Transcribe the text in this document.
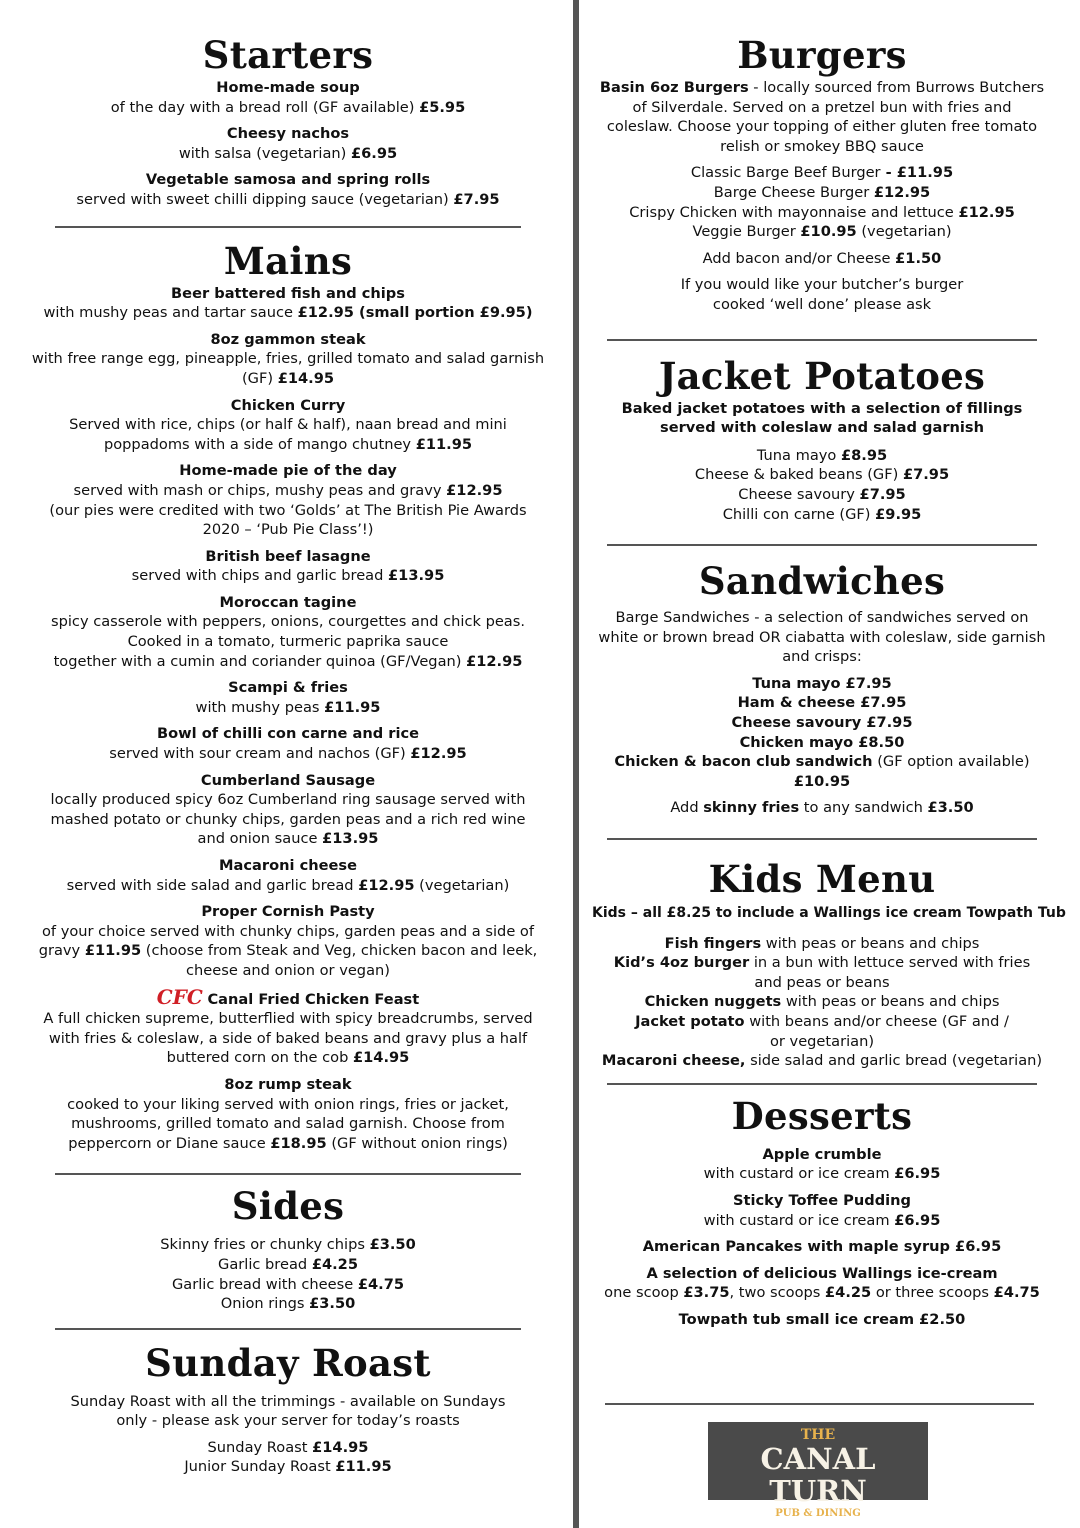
Starters

Home-made soup

of the day with a bread roll (GF available) £5.95

Cheesy nachos

with salsa (vegetarian) £6.95

Vegetable samosa and spring rolls

served with sweet chilli dipping sauce (vegetarian) £7.95

Mains

Beer battered fish and chips

with mushy peas and tartar sauce £12.95 (small portion £9.95)

8oz gammon steak

with free range egg, pineapple, fries, grilled tomato and salad garnish (GF) £14.95

Chicken Curry

Served with rice, chips (or half & half), naan bread and mini poppadoms with a side of mango chutney £11.95

Home-made pie of the day

served with mash or chips, mushy peas and gravy £12.95

(our pies were credited with two ‘Golds’ at The British Pie Awards 2020 – ‘Pub Pie Class’!)

British beef lasagne

served with chips and garlic bread £13.95

Moroccan tagine

spicy casserole with peppers, onions, courgettes and chick peas.

Cooked in a tomato, turmeric paprika sauce

together with a cumin and coriander quinoa (GF/Vegan) £12.95

Scampi & fries

with mushy peas £11.95

Bowl of chilli con carne and rice

served with sour cream and nachos (GF) £12.95

Cumberland Sausage

locally produced spicy 6oz Cumberland ring sausage served with mashed potato or chunky chips, garden peas and a rich red wine and onion sauce £13.95

Macaroni cheese

served with side salad and garlic bread £12.95 (vegetarian)

Proper Cornish Pasty

of your choice served with chunky chips, garden peas and a side of gravy £11.95 (choose from Steak and Veg, chicken bacon and leek, cheese and onion or vegan)

CFC Canal Fried Chicken Feast

A full chicken supreme, butterflied with spicy breadcrumbs, served with fries & coleslaw, a side of baked beans and gravy plus a half buttered corn on the cob £14.95

8oz rump steak

cooked to your liking served with onion rings, fries or jacket, mushrooms, grilled tomato and salad garnish. Choose from peppercorn or Diane sauce £18.95 (GF without onion rings)

Sides

Skinny fries or chunky chips £3.50

Garlic bread £4.25

Garlic bread with cheese £4.75

Onion rings £3.50

Sunday Roast

Sunday Roast with all the trimmings - available on Sundays only - please ask your server for today’s roasts

Sunday Roast £14.95

Junior Sunday Roast £11.95

Burgers

Basin 6oz Burgers - locally sourced from Burrows Butchers of Silverdale. Served on a pretzel bun with fries and coleslaw. Choose your topping of either gluten free tomato relish or smokey BBQ sauce

Classic Barge Beef Burger - £11.95

Barge Cheese Burger £12.95

Crispy Chicken with mayonnaise and lettuce £12.95

Veggie Burger £10.95 (vegetarian)

Add bacon and/or Cheese £1.50

If you would like your butcher’s burger

cooked ‘well done’ please ask

Jacket Potatoes

Baked jacket potatoes with a selection of fillings served with coleslaw and salad garnish

Tuna mayo £8.95

Cheese & baked beans (GF) £7.95

Cheese savoury £7.95

Chilli con carne (GF) £9.95

Sandwiches

Barge Sandwiches - a selection of sandwiches served on white or brown bread OR ciabatta with coleslaw, side garnish and crisps:

Tuna mayo £7.95

Ham & cheese £7.95

Cheese savoury £7.95

Chicken mayo £8.50

Chicken & bacon club sandwich (GF option available) £10.95

Add skinny fries to any sandwich £3.50

Kids Menu

Kids – all £8.25 to include a Wallings ice cream Towpath Tub

Fish fingers with peas or beans and chips

Kid’s 4oz burger in a bun with lettuce served with fries and peas or beans

Chicken nuggets with peas or beans and chips

Jacket potato with beans and/or cheese (GF and / or vegetarian)

Macaroni cheese, side salad and garlic bread (vegetarian)

Desserts

Apple crumble

with custard or ice cream £6.95

Sticky Toffee Pudding

with custard or ice cream £6.95

American Pancakes with maple syrup £6.95

A selection of delicious Wallings ice-cream

one scoop £3.75, two scoops £4.25 or three scoops £4.75

Towpath tub small ice cream £2.50

THE
CANAL TURN
PUB & DINING
